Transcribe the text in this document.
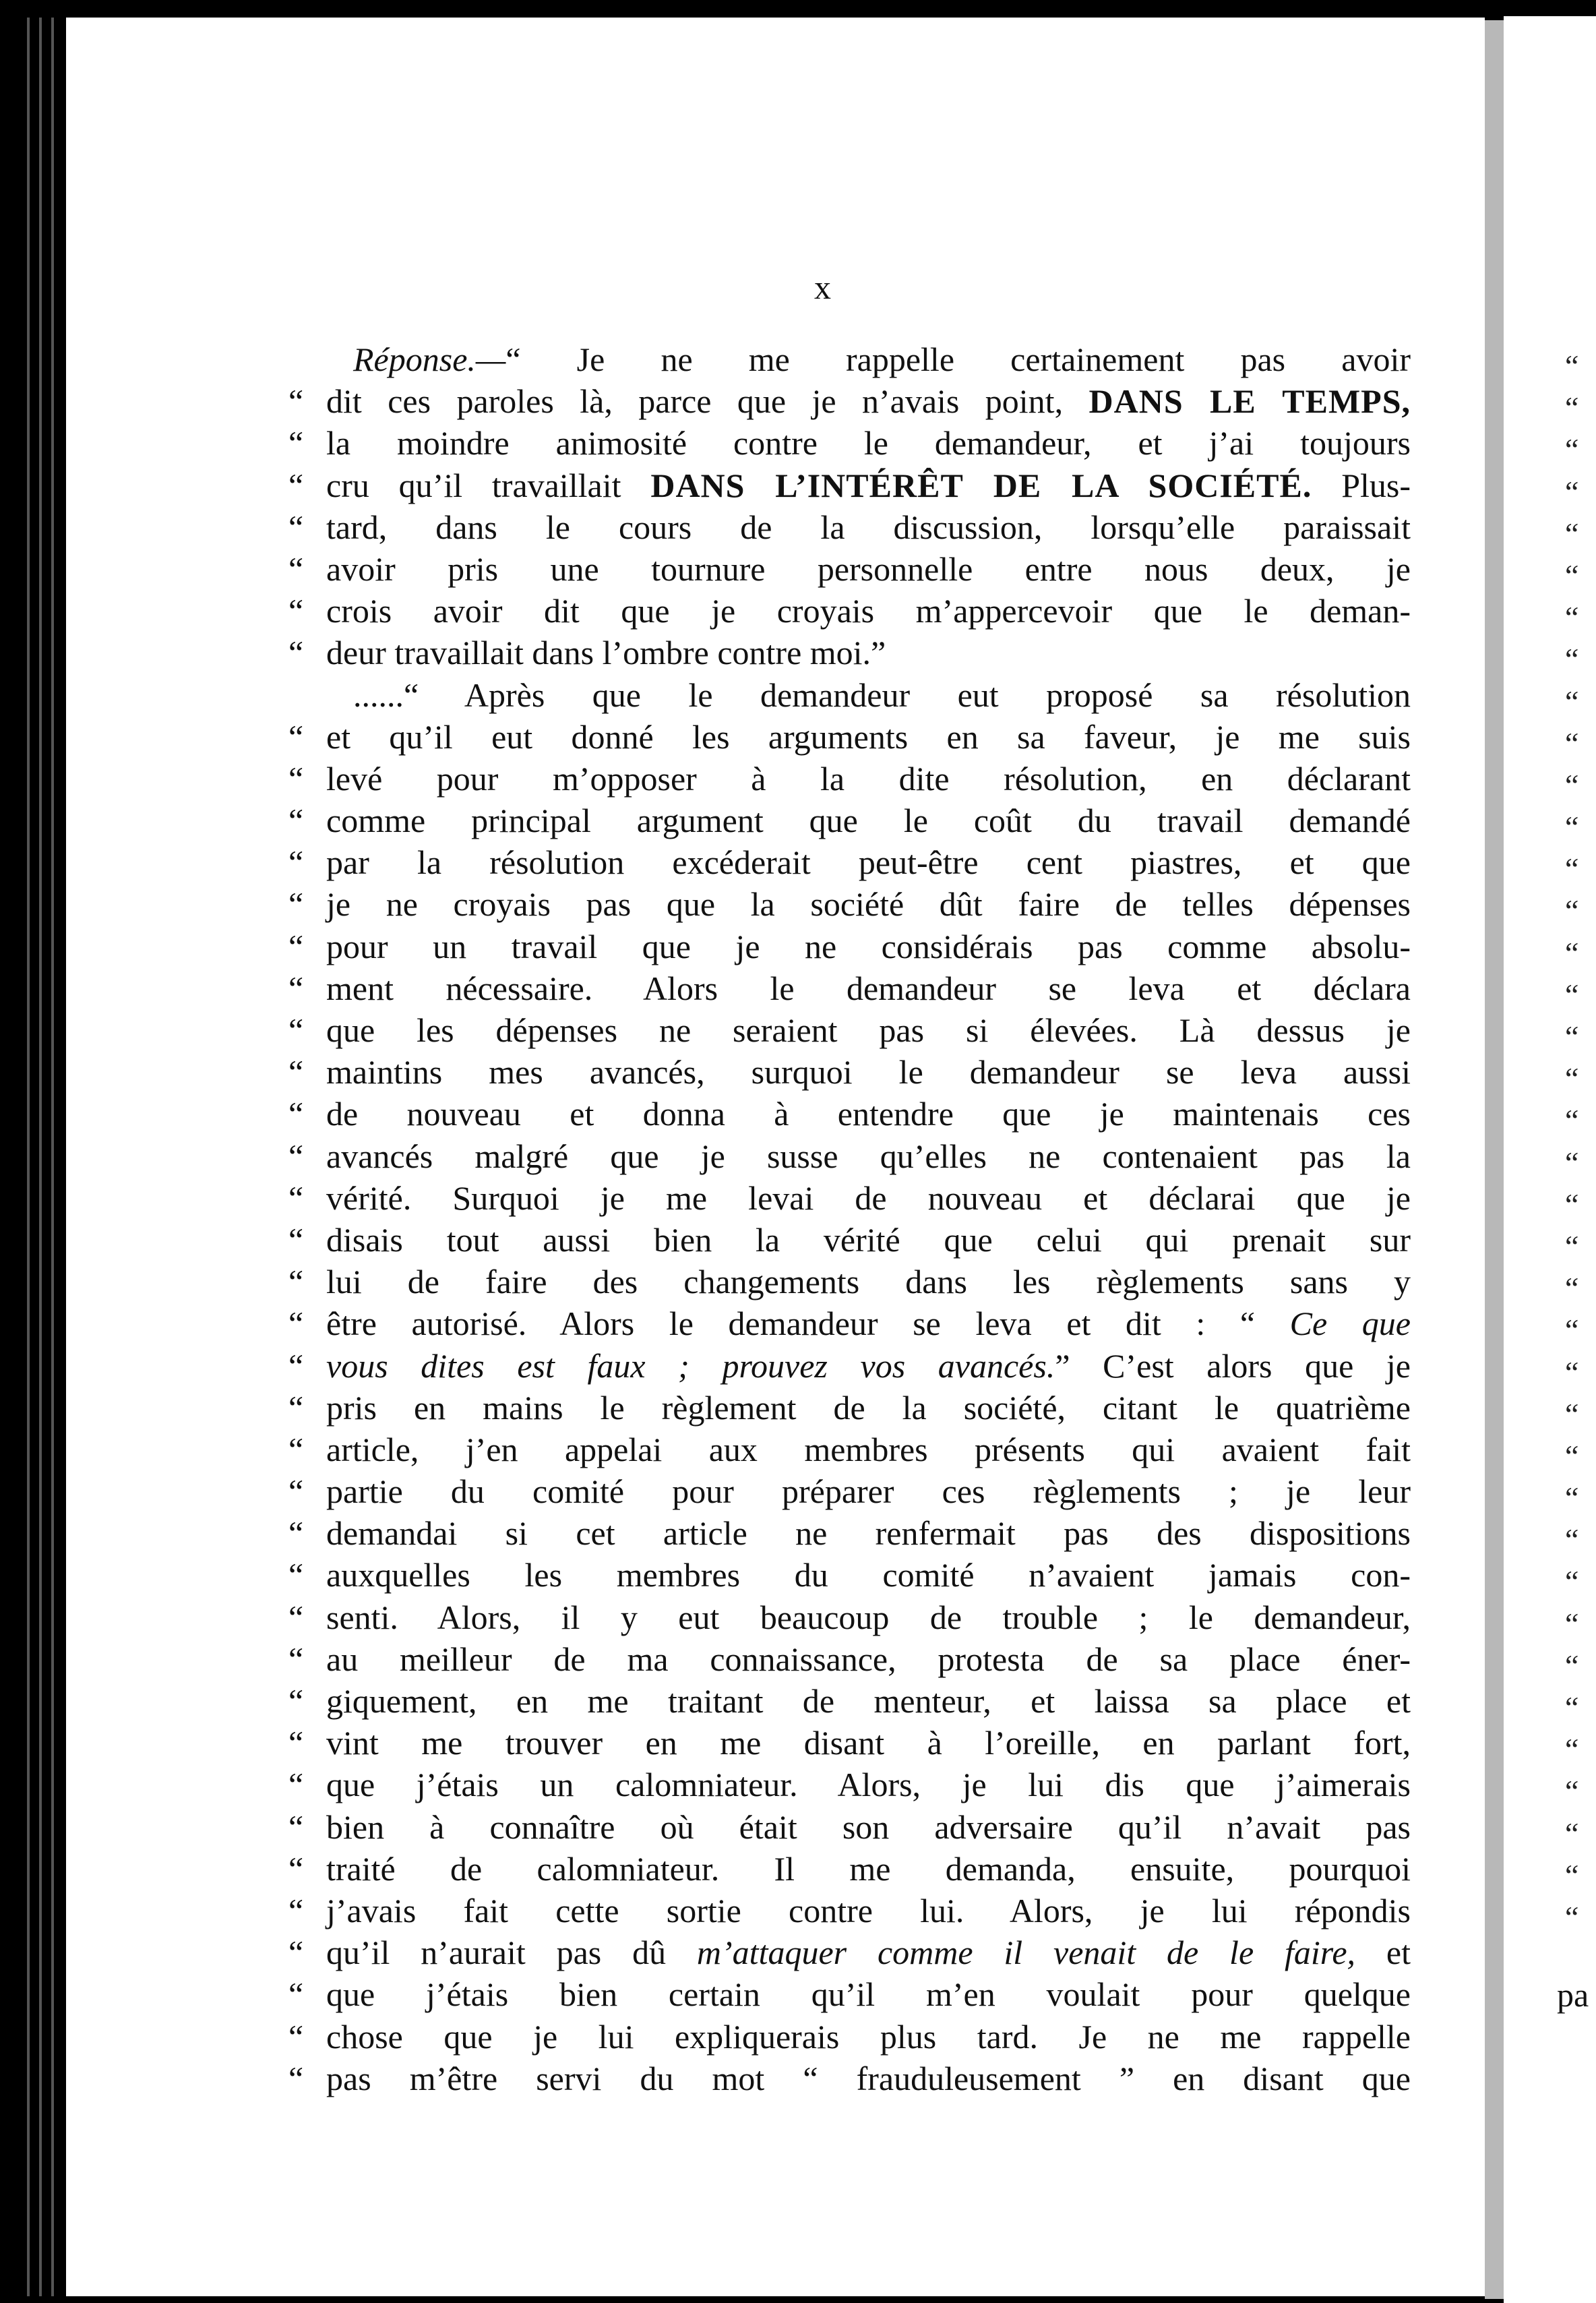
x
Réponse.—“ Je ne me rappelle certainement pas avoir
“ dit ces paroles là, parce que je n’avais point, DANS LE TEMPS,
“ la moindre animosité contre le demandeur, et j’ai toujours
“ cru qu’il travaillait DANS L’INTÉRÊT DE LA SOCIÉTÉ. Plus-
“ tard, dans le cours de la discussion, lorsqu’elle paraissait
“ avoir pris une tournure personnelle entre nous deux, je
“ crois avoir dit que je croyais m’appercevoir que le deman-
“ deur travaillait dans l’ombre contre moi.”
......“ Après que le demandeur eut proposé sa résolution
“ et qu’il eut donné les arguments en sa faveur, je me suis
“ levé pour m’opposer à la dite résolution, en déclarant
“ comme principal argument que le coût du travail demandé
“ par la résolution excéderait peut-être cent piastres, et que
“ je ne croyais pas que la société dût faire de telles dépenses
“ pour un travail que je ne considérais pas comme absolu-
“ ment nécessaire. Alors le demandeur se leva et déclara
“ que les dépenses ne seraient pas si élevées. Là dessus je
“ maintins mes avancés, surquoi le demandeur se leva aussi
“ de nouveau et donna à entendre que je maintenais ces
“ avancés malgré que je susse qu’elles ne contenaient pas la
“ vérité. Surquoi je me levai de nouveau et déclarai que je
“ disais tout aussi bien la vérité que celui qui prenait sur
“ lui de faire des changements dans les règlements sans y
“ être autorisé. Alors le demandeur se leva et dit : “ Ce que
“ vous dites est faux ; prouvez vos avancés.” C’est alors que je
“ pris en mains le règlement de la société, citant le quatrième
“ article, j’en appelai aux membres présents qui avaient fait
“ partie du comité pour préparer ces règlements ; je leur
“ demandai si cet article ne renfermait pas des dispositions
“ auxquelles les membres du comité n’avaient jamais con-
“ senti. Alors, il y eut beaucoup de trouble ; le demandeur,
“ au meilleur de ma connaissance, protesta de sa place éner-
“ giquement, en me traitant de menteur, et laissa sa place et
“ vint me trouver en me disant à l’oreille, en parlant fort,
“ que j’étais un calomniateur. Alors, je lui dis que j’aimerais
“ bien à connaître où était son adversaire qu’il n’avait pas
“ traité de calomniateur. Il me demanda, ensuite, pourquoi
“ j’avais fait cette sortie contre lui. Alors, je lui répondis
“ qu’il n’aurait pas dû m’attaquer comme il venait de le faire, et
“ que j’étais bien certain qu’il m’en voulait pour quelque
“ chose que je lui expliquerais plus tard. Je ne me rappelle
“ pas m’être servi du mot “ frauduleusement ” en disant que
“
“
“
“
“
“
“
“
“
“
“
“
“
“
“
“
“
“
“
“
“
“
“
“
“
“
“
“
“
“
“
“
“
“
“
“
“
“
pa
